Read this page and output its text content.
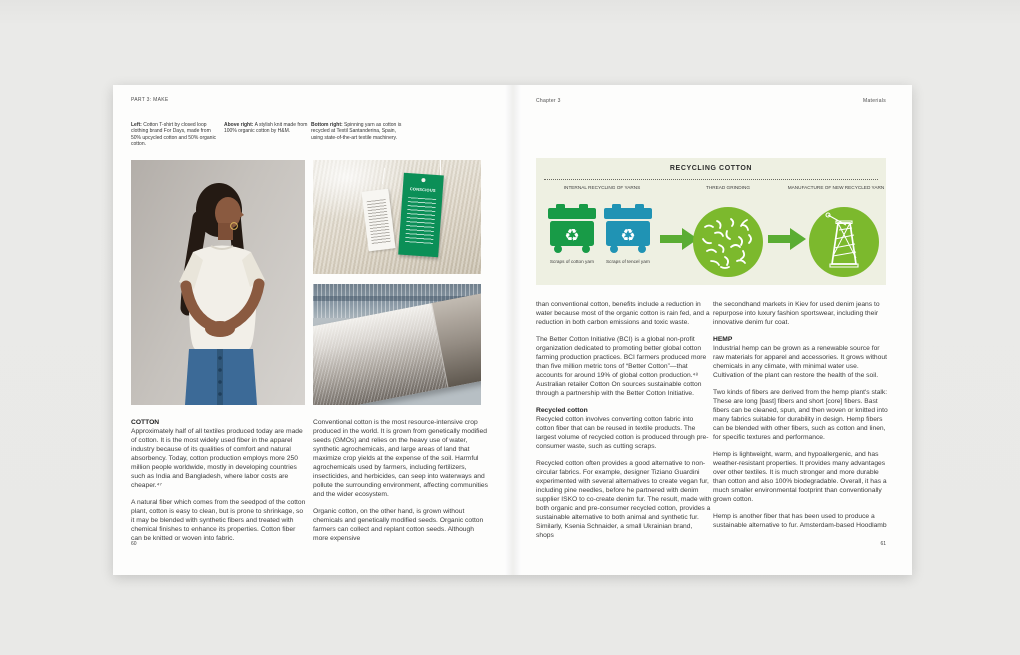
PART 3: MAKE
Left: Cotton T-shirt by closed loop clothing brand For Days, made from 50% upcycled cotton and 50% organic cotton.
Above right: A stylish knit made from 100% organic cotton by H&M.
Bottom right: Spinning yarn as cotton is recycled at Textil Santanderina, Spain, using state-of-the-art textile machinery.
CONSCIOUS

COTTON

Approximately half of all textiles produced today are made of cotton. It is the most widely used fiber in the apparel industry because of its qualities of comfort and natural absorbency. Today, cotton production employs more 250 million people worldwide, mostly in developing countries such as India and Bangladesh, where labor costs are cheaper.⁴⁷

A natural fiber which comes from the seedpod of the cotton plant, cotton is easy to clean, but is prone to shrinkage, so it may be blended with synthetic fibers and treated with chemical finishes to enhance its properties. Cotton fiber can be knitted or woven into fabric.

Conventional cotton is the most resource-intensive crop produced in the world. It is grown from genetically modified seeds (GMOs) and relies on the heavy use of water, synthetic agrochemicals, and large areas of land that maximize crop yields at the expense of the soil. Harmful agrochemicals used by farmers, including fertilizers, insecticides, and herbicides, can seep into waterways and pollute the surrounding environment, affecting communities and the wider ecosystem.

Organic cotton, on the other hand, is grown without chemicals and genetically modified seeds. Organic cotton farmers can collect and replant cotton seeds. Although more expensive

60
Chapter 3	Materials
RECYCLING COTTON
INTERNAL RECYCLING OF YARNS	THREAD GRINDING	MANUFACTURE OF NEW RECYCLED YARN
♻ ♻
Scraps of cotton yarn	Scraps of tencel yarn

than conventional cotton, benefits include a reduction in water because most of the organic cotton is rain fed, and a reduction in both carbon emissions and toxic waste.

The Better Cotton Initiative (BCI) is a global non-profit organization dedicated to promoting better global cotton farming production practices. BCI farmers produced more than five million metric tons of “Better Cotton”—that accounts for around 19% of global cotton production.⁴⁸ Australian retailer Cotton On sources sustainable cotton through a partnership with the Better Cotton Initiative.

Recycled cotton

Recycled cotton involves converting cotton fabric into cotton fiber that can be reused in textile products. The largest volume of recycled cotton is produced through pre-consumer waste, such as cutting scraps.

Recycled cotton often provides a good alternative to non-circular fabrics. For example, designer Tiziano Guardini experimented with several alternatives to create vegan fur, including pine needles, before he partnered with denim supplier ISKO to co-create denim fur. The result, made with both organic and pre-consumer recycled cotton, provides a sustainable alternative to both animal and synthetic fur. Similarly, Ksenia Schnaider, a small Ukrainian brand, shops

the secondhand markets in Kiev for used denim jeans to repurpose into luxury fashion sportswear, including their innovative denim fur coat.

HEMP

Industrial hemp can be grown as a renewable source for raw materials for apparel and accessories. It grows without chemicals in any climate, with minimal water use. Cultivation of the plant can restore the health of the soil.

Two kinds of fibers are derived from the hemp plant's stalk: These are long [bast] fibers and short [core] fibers. Bast fibers can be cleaned, spun, and then woven or knitted into many fabrics suitable for durability in design. Hemp fibers can be blended with other fibers, such as cotton and linen, for specific textures and performance.

Hemp is lightweight, warm, and hypoallergenic, and has weather-resistant properties. It provides many advantages over other textiles. It is much stronger and more durable than cotton and also 100% biodegradable. Overall, it has a much smaller environmental footprint than conventionally grown cotton.

Hemp is another fiber that has been used to produce a sustainable alternative to fur. Amsterdam-based Hoodlamb

61
